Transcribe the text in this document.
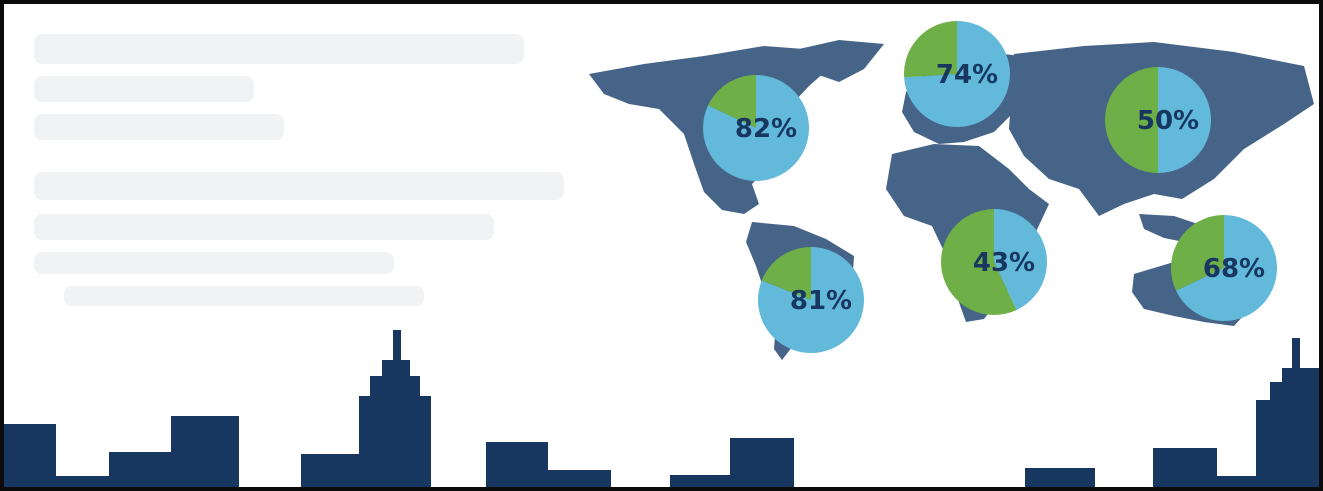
82%
74%
50%
81%
43%	68%
